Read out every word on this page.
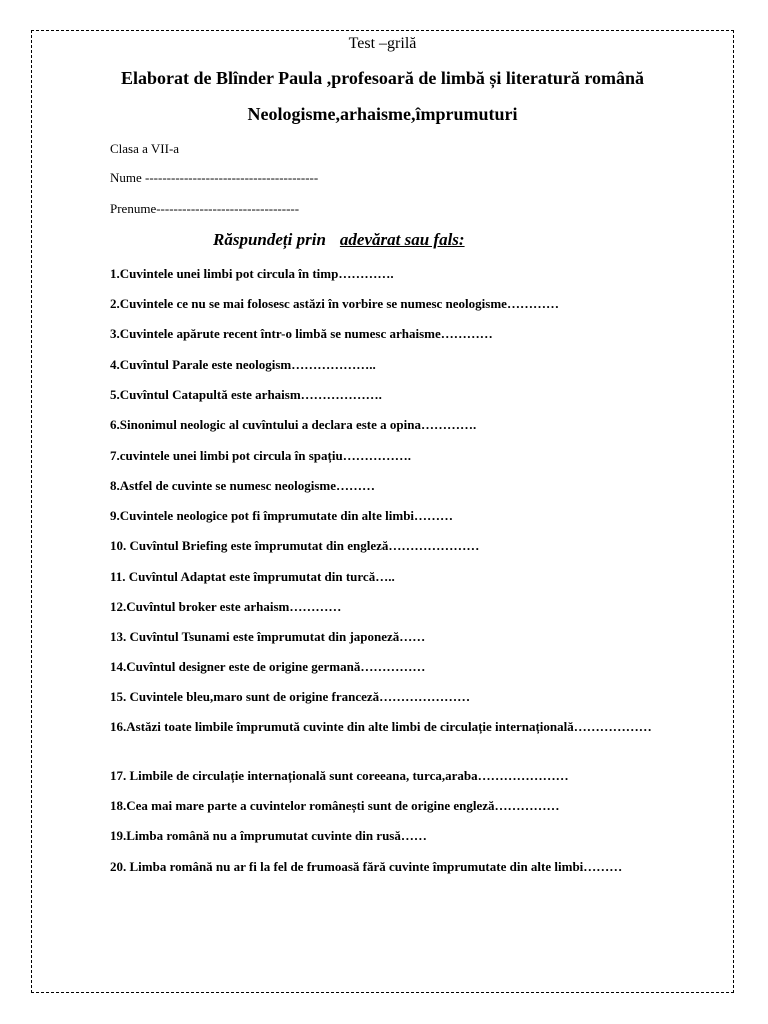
Test –grilă
Elaborat de Blînder Paula ,profesoară de limbă și literatură română
Neologisme,arhaisme,împrumuturi
Clasa a VII-a
Nume ----------------------------------------
Prenume---------------------------------
Răspundeți prin adevărat sau fals:
1.Cuvintele unei limbi pot circula în timp………….
2.Cuvintele ce nu se mai folosesc astăzi în vorbire se numesc neologisme…………
3.Cuvintele apărute recent într-o limbă se numesc arhaisme…………
4.Cuvîntul Parale este neologism………………..
5.Cuvîntul Catapultă este arhaism……………….
6.Sinonimul neologic al cuvîntului a declara este a opina………….
7.cuvintele unei limbi pot circula în spațiu…………….
8.Astfel de cuvinte se numesc neologisme………
9.Cuvintele neologice pot fi împrumutate din alte limbi………
10. Cuvîntul Briefing este împrumutat din engleză…………………
11. Cuvîntul Adaptat este împrumutat din turcă…..
12.Cuvîntul broker este arhaism…………
13. Cuvîntul Tsunami este împrumutat din japoneză……
14.Cuvîntul designer este de origine germană……………
15. Cuvintele bleu,maro sunt de origine franceză…………………
16.Astăzi toate limbile împrumută cuvinte din alte limbi de circulație internațională………………
17. Limbile de circulație internațională sunt coreeana, turca,araba…………………
18.Cea mai mare parte a cuvintelor românești sunt de origine engleză……………
19.Limba română nu a împrumutat cuvinte din rusă……
20. Limba română nu ar fi la fel de frumoasă fără cuvinte împrumutate din alte limbi………
